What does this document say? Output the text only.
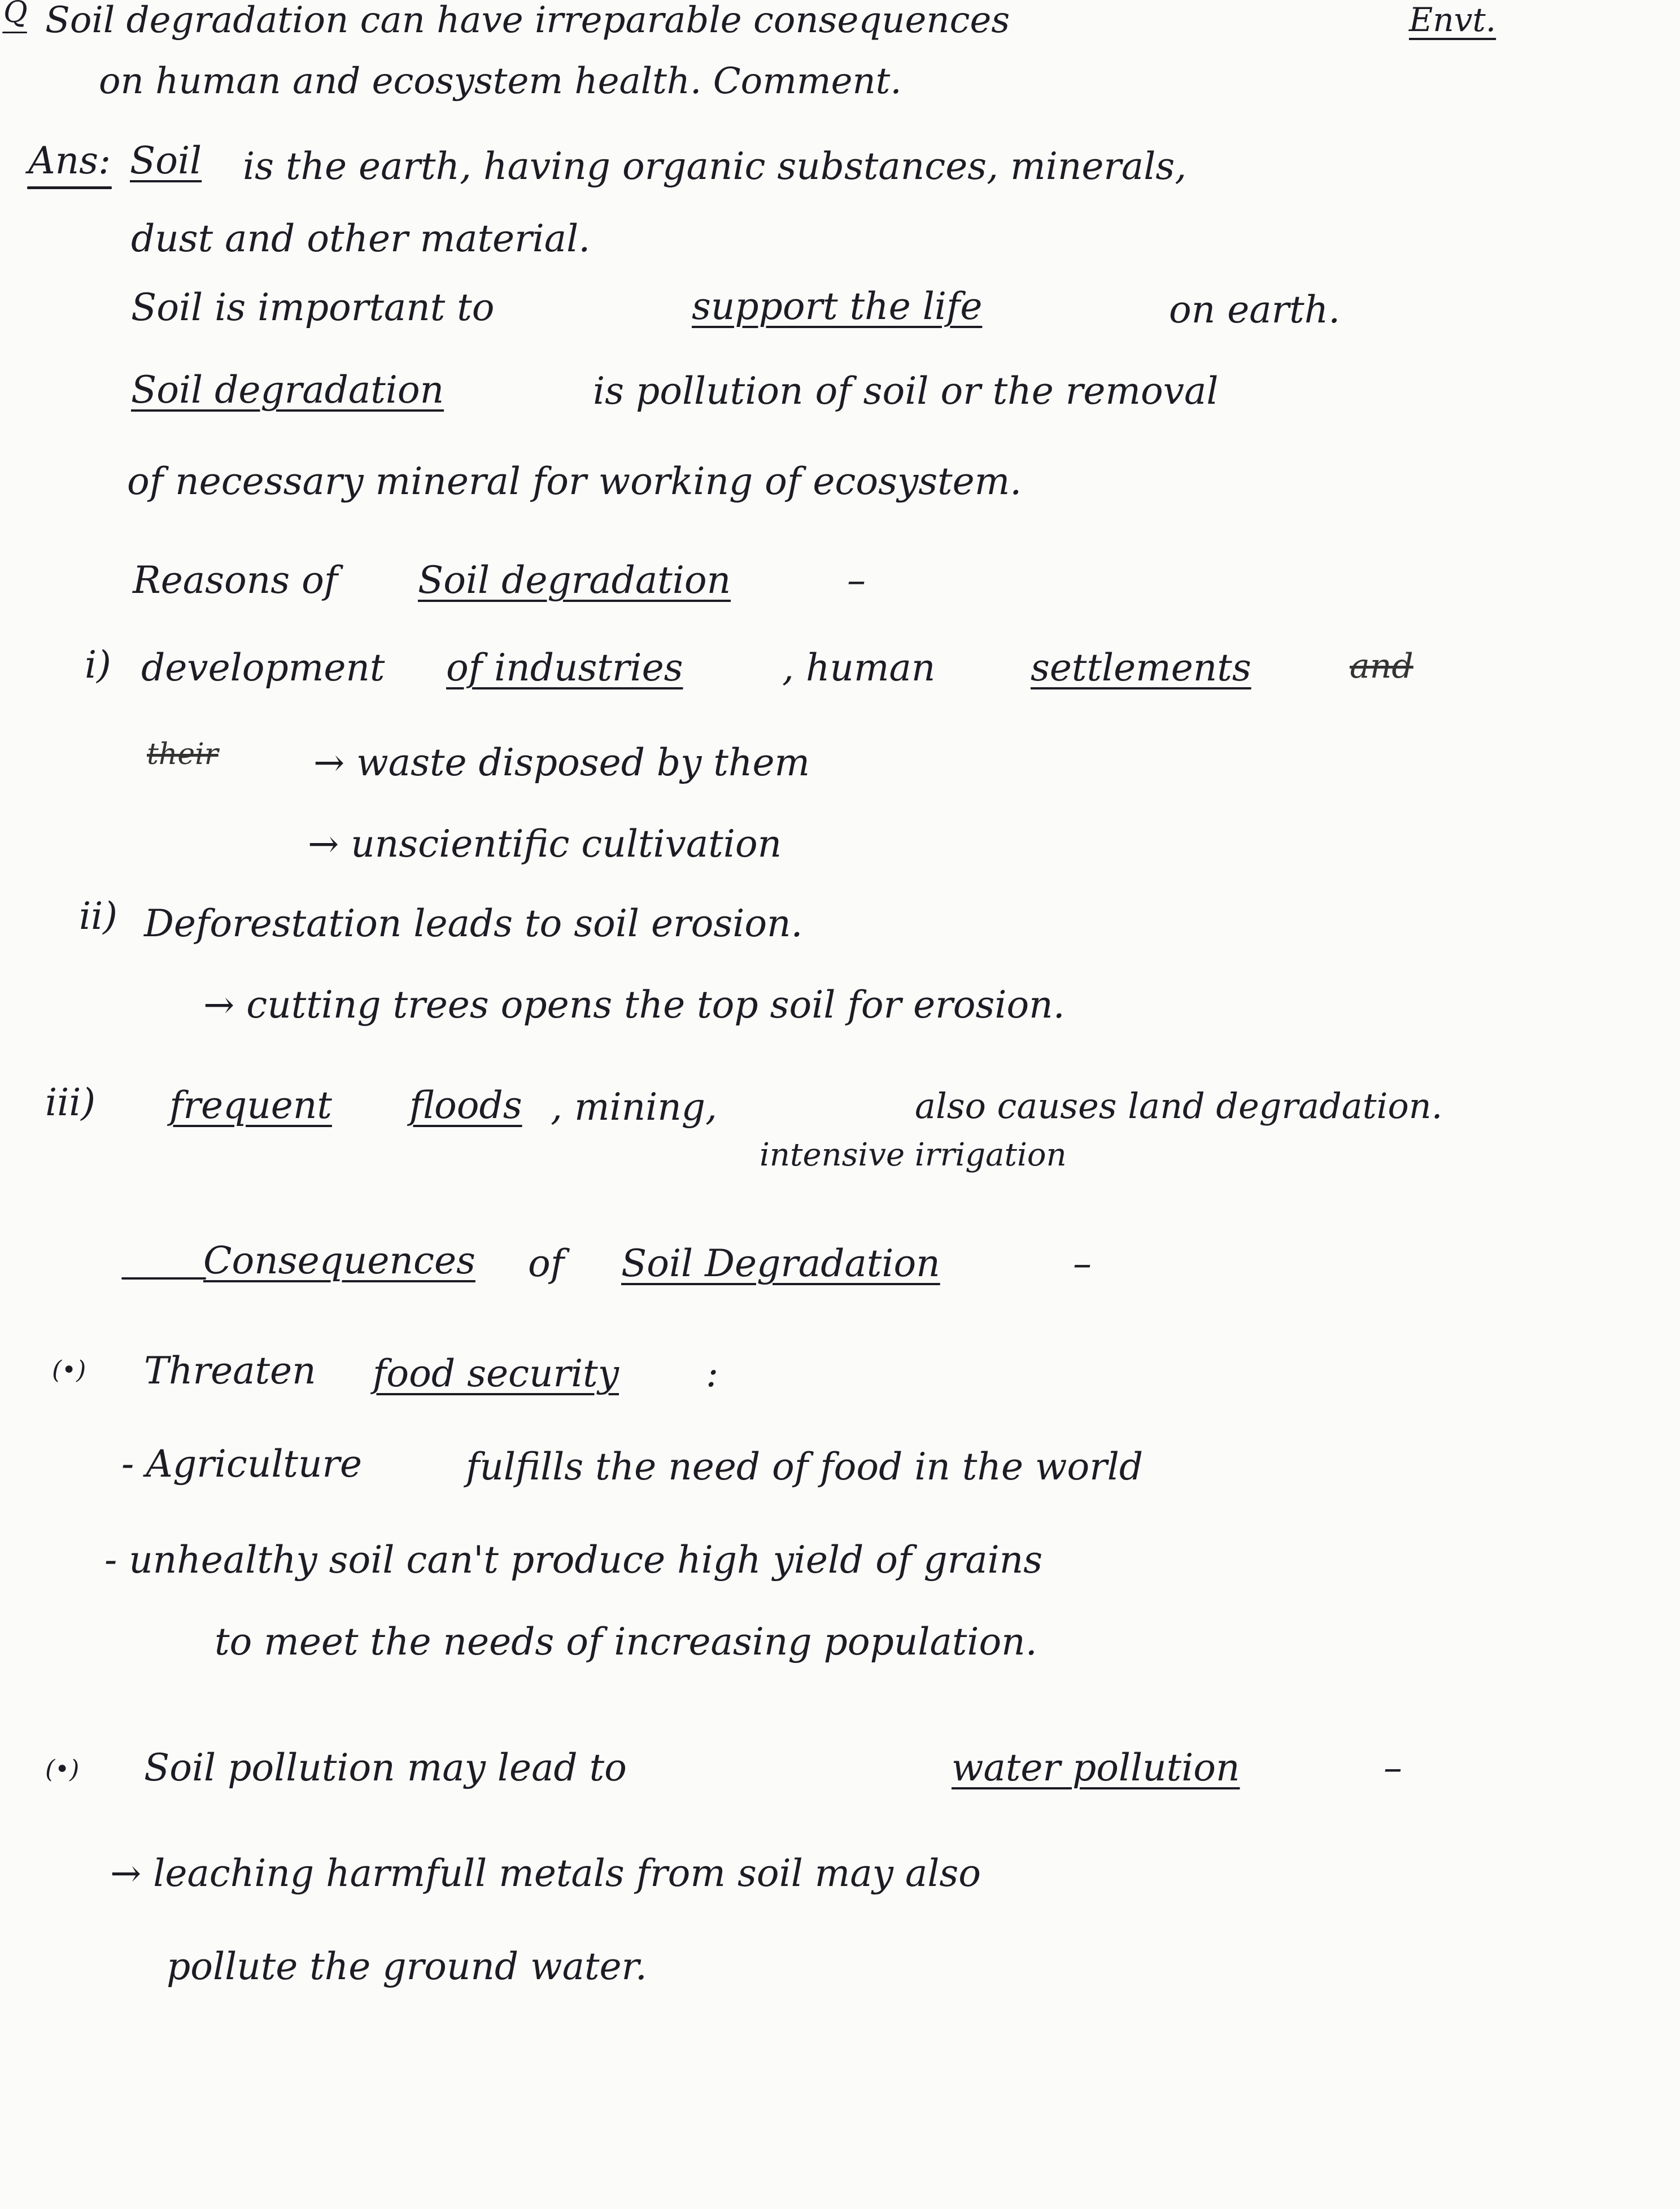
Q Soil degradation can have irreparable consequences	Envt.
on human and ecosystem health. Comment.
Ans: Soil is the earth, having organic substances, minerals,
dust and other material.
Soil is important to	support the life	on earth.
Soil degradation	is pollution of soil or the removal
of necessary mineral for working of ecosystem.
Reasons of Soil degradation	–
i) development of industries	, human	settlements	and
their	→ waste disposed by them
→ unscientific cultivation
ii) Deforestation leads to soil erosion.
→ cutting trees opens the top soil for erosion.
iii) frequent floods , mining,	also causes land degradation.
intensive irrigation
Consequences of Soil Degradation	–
(•) Threaten food security :
- Agriculture	fulfills the need of food in the world
- unhealthy soil can't produce high yield of grains
to meet the needs of increasing population.
(•) Soil pollution may lead to	water pollution	–
→ leaching harmfull metals from soil may also
pollute the ground water.
